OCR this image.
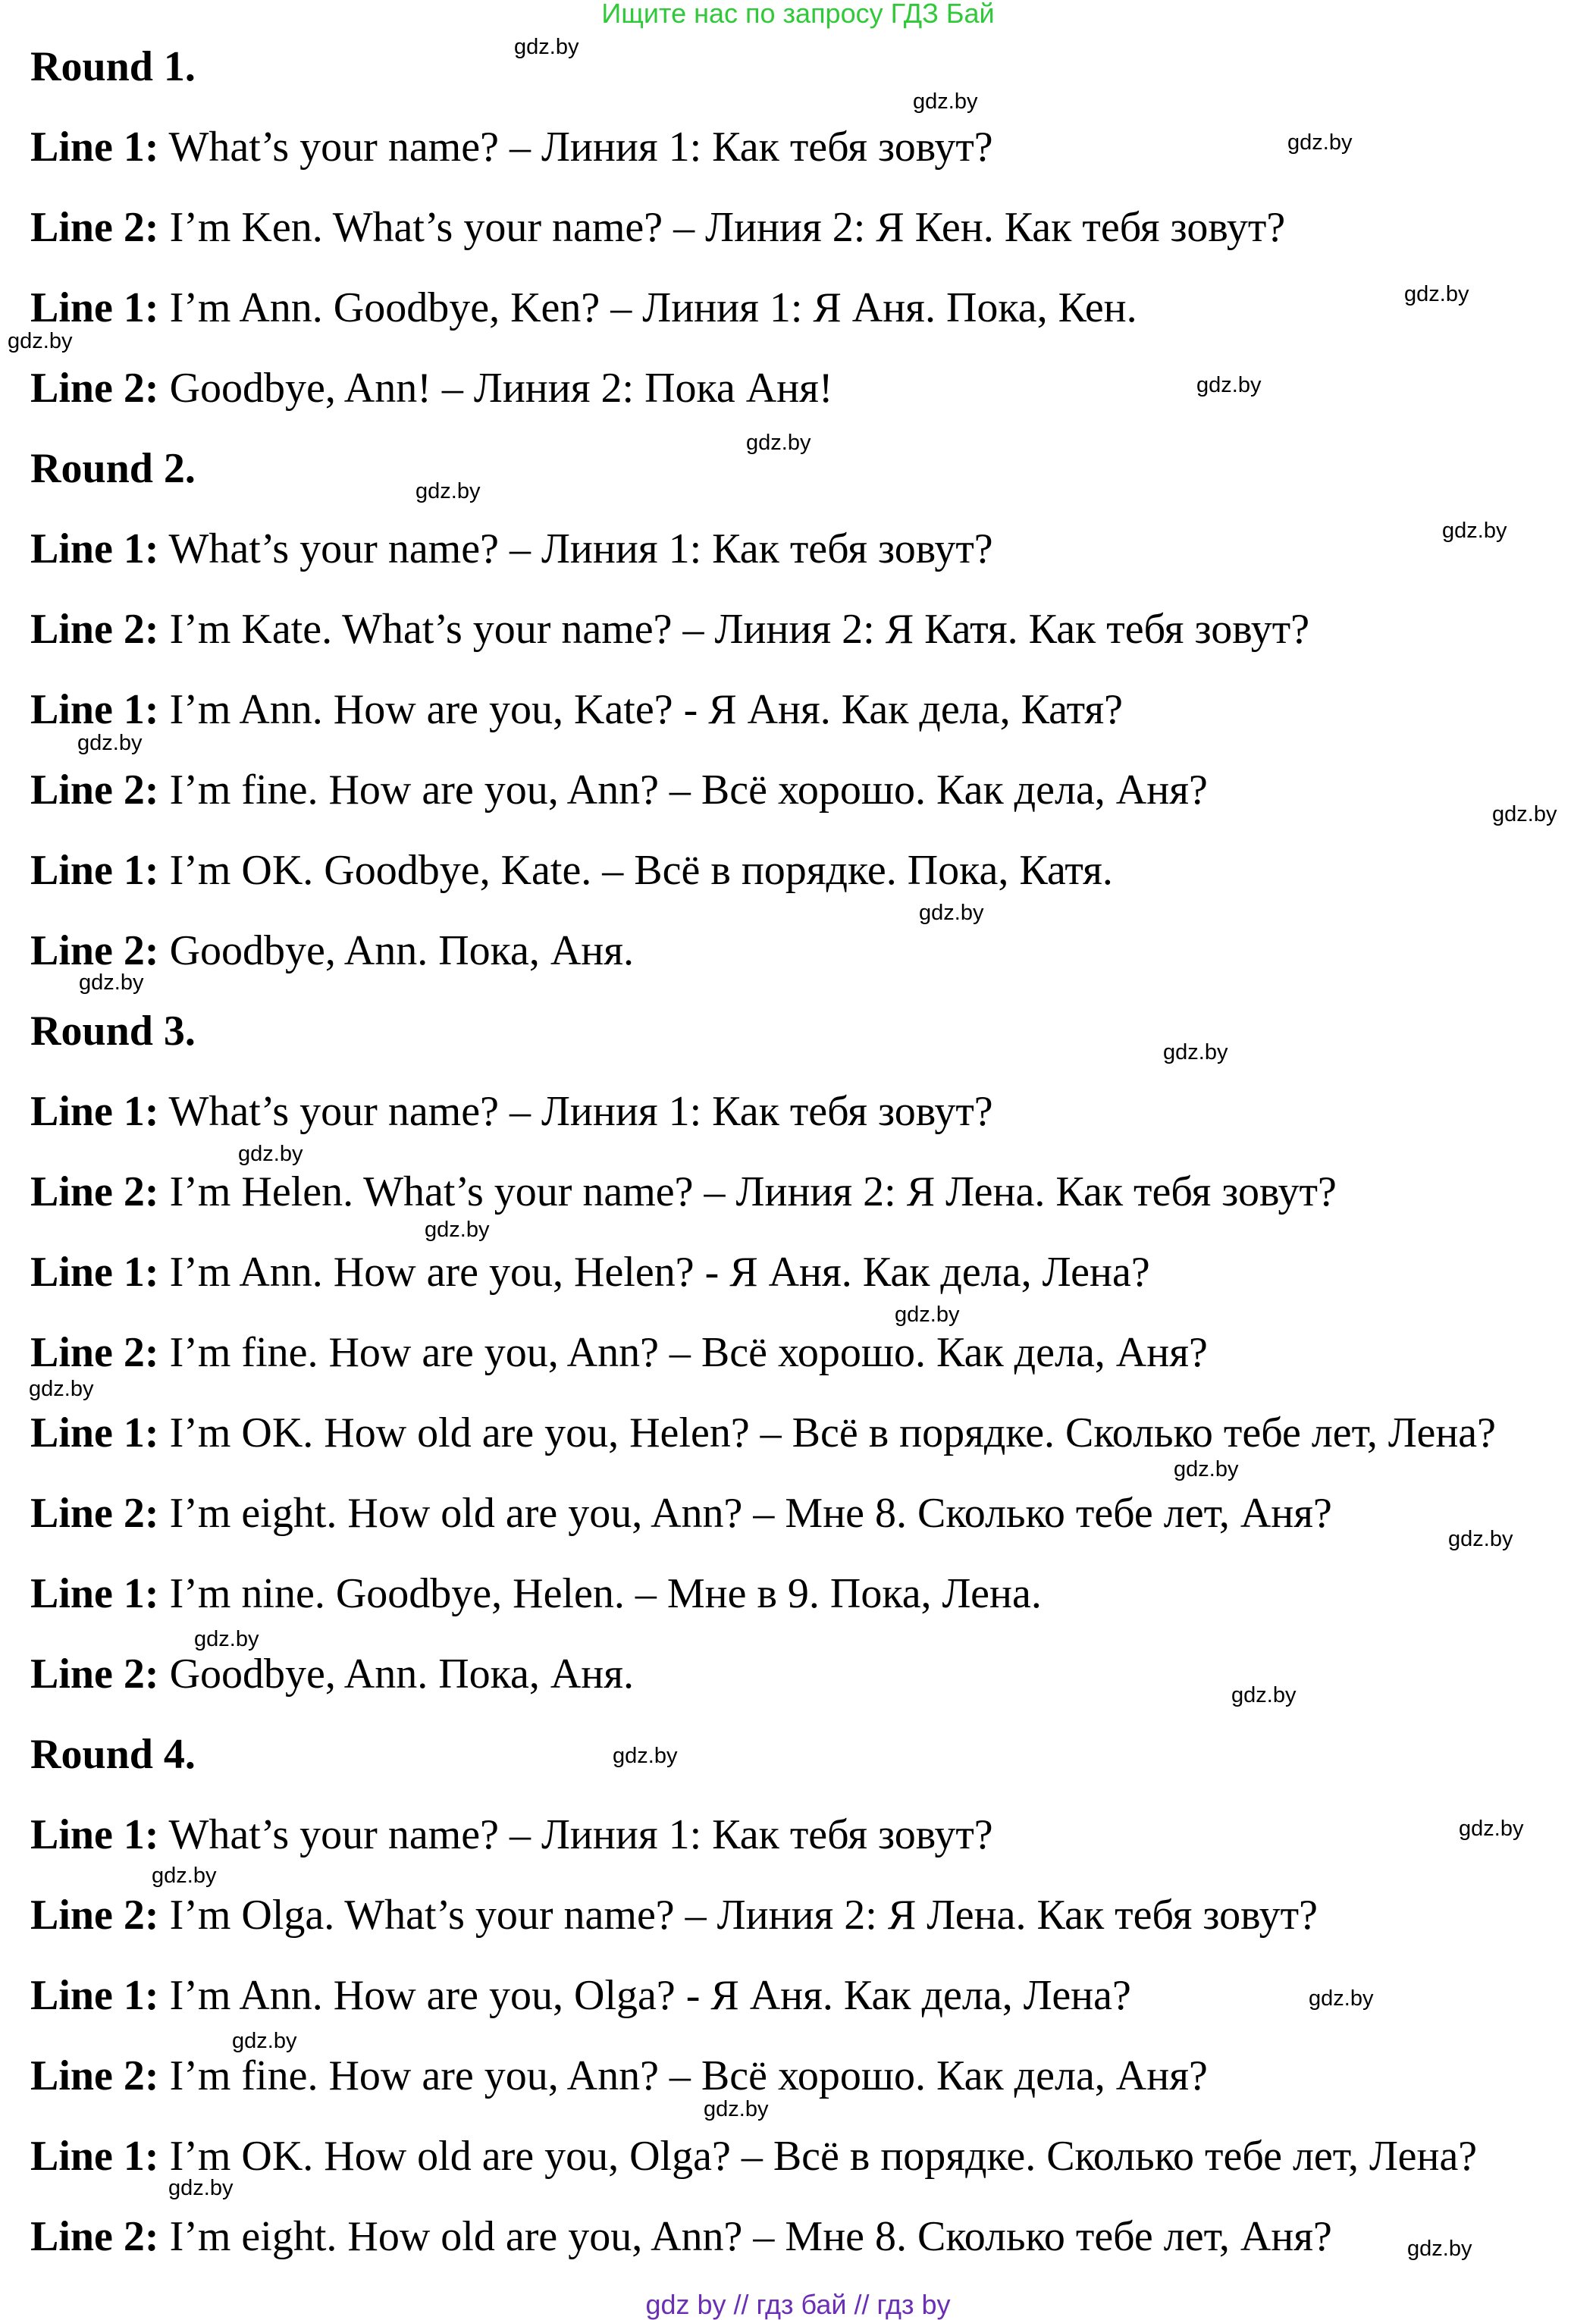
Ищите нас по запросу ГДЗ Бай
Round 1.
Line 1: What’s your name? – Линия 1: Как тебя зовут?
Line 2: I’m Ken. What’s your name? – Линия 2: Я Кен. Как тебя зовут?
Line 1: I’m Ann. Goodbye, Ken? – Линия 1: Я Аня. Пока, Кен.
Line 2: Goodbye, Ann! – Линия 2: Пока Аня!
Round 2.
Line 1: What’s your name? – Линия 1: Как тебя зовут?
Line 2: I’m Kate. What’s your name? – Линия 2: Я Катя. Как тебя зовут?
Line 1: I’m Ann. How are you, Kate? - Я Аня. Как дела, Катя?
Line 2: I’m fine. How are you, Ann? – Всё хорошо. Как дела, Аня?
Line 1: I’m OK. Goodbye, Kate. – Всё в порядке. Пока, Катя.
Line 2: Goodbye, Ann. Пока, Аня.
Round 3.
Line 1: What’s your name? – Линия 1: Как тебя зовут?
Line 2: I’m Helen. What’s your name? – Линия 2: Я Лена. Как тебя зовут?
Line 1: I’m Ann. How are you, Helen? - Я Аня. Как дела, Лена?
Line 2: I’m fine. How are you, Ann? – Всё хорошо. Как дела, Аня?
Line 1: I’m OK. How old are you, Helen? – Всё в порядке. Сколько тебе лет, Лена?
Line 2: I’m eight. How old are you, Ann? – Мне 8. Сколько тебе лет, Аня?
Line 1: I’m nine. Goodbye, Helen. – Мне в 9. Пока, Лена.
Line 2: Goodbye, Ann. Пока, Аня.
Round 4.
Line 1: What’s your name? – Линия 1: Как тебя зовут?
Line 2: I’m Olga. What’s your name? – Линия 2: Я Лена. Как тебя зовут?
Line 1: I’m Ann. How are you, Olga? - Я Аня. Как дела, Лена?
Line 2: I’m fine. How are you, Ann? – Всё хорошо. Как дела, Аня?
Line 1: I’m OK. How old are you, Olga? – Всё в порядке. Сколько тебе лет, Лена?
Line 2: I’m eight. How old are you, Ann? – Мне 8. Сколько тебе лет, Аня?
gdz.by
gdz.by
gdz.by
gdz.by
gdz.by
gdz.by
gdz.by
gdz.by
gdz.by
gdz.by
gdz.by
gdz.by
gdz.by
gdz.by
gdz.by
gdz.by
gdz.by
gdz.by
gdz.by
gdz.by
gdz.by
gdz.by
gdz.by
gdz.by
gdz.by
gdz.by
gdz.by
gdz.by
gdz.by
gdz.by
gdz by // гдз бай // гдз by
